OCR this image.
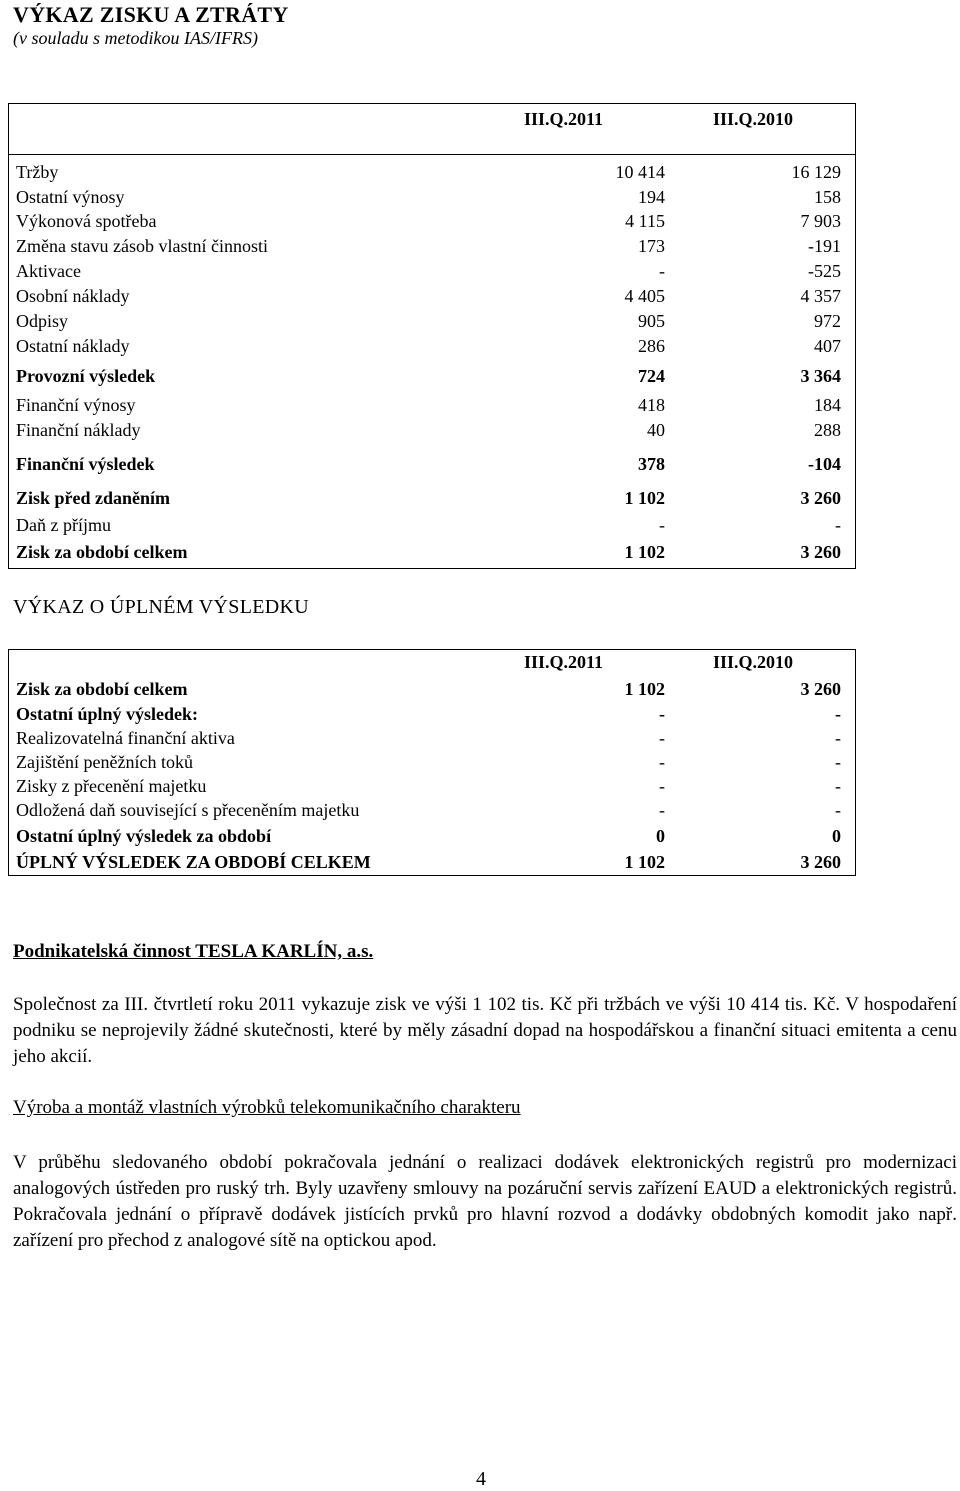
VÝKAZ ZISKU A ZTRÁTY
(v souladu s metodikou IAS/IFRS)
III.Q.2011	III.Q.2010
Tržby	10 414	16 129
Ostatní výnosy	194	158
Výkonová spotřeba	4 115	7 903
Změna stavu zásob vlastní činnosti	173	-191
Aktivace	-	-525
Osobní náklady	4 405	4 357
Odpisy	905	972
Ostatní náklady	286	407
Provozní výsledek	724	3 364
Finanční výnosy	418	184
Finanční náklady	40	288
Finanční výsledek	378	-104
Zisk před zdaněním	1 102	3 260
Daň z příjmu	-	-
Zisk za období celkem	1 102	3 260
VÝKAZ O ÚPLNÉM VÝSLEDKU
III.Q.2011	III.Q.2010
Zisk za období celkem	1 102	3 260
Ostatní úplný výsledek:	-	-
Realizovatelná finanční aktiva	-	-
Zajištění peněžních toků	-	-
Zisky z přecenění majetku	-	-
Odložená daň související s přeceněním majetku	-	-
Ostatní úplný výsledek za období	0	0
ÚPLNÝ VÝSLEDEK ZA OBDOBÍ CELKEM	1 102	3 260
Podnikatelská činnost TESLA KARLÍN, a.s.
Společnost za III. čtvrtletí roku 2011 vykazuje zisk ve výši 1 102 tis. Kč při tržbách ve výši 10 414 tis. Kč. V hospodaření podniku se neprojevily žádné skutečnosti, které by měly zásadní dopad na hospodářskou a finanční situaci emitenta a cenu jeho akcií.
Výroba a montáž vlastních výrobků telekomunikačního charakteru
V průběhu sledovaného období pokračovala jednání o realizaci dodávek elektronických registrů pro modernizaci analogových ústředen pro ruský trh. Byly uzavřeny smlouvy na pozáruční servis zařízení EAUD a elektronických registrů. Pokračovala jednání o přípravě dodávek jistících prvků pro hlavní rozvod a dodávky obdobných komodit jako např. zařízení pro přechod z analogové sítě na optickou apod.
4
